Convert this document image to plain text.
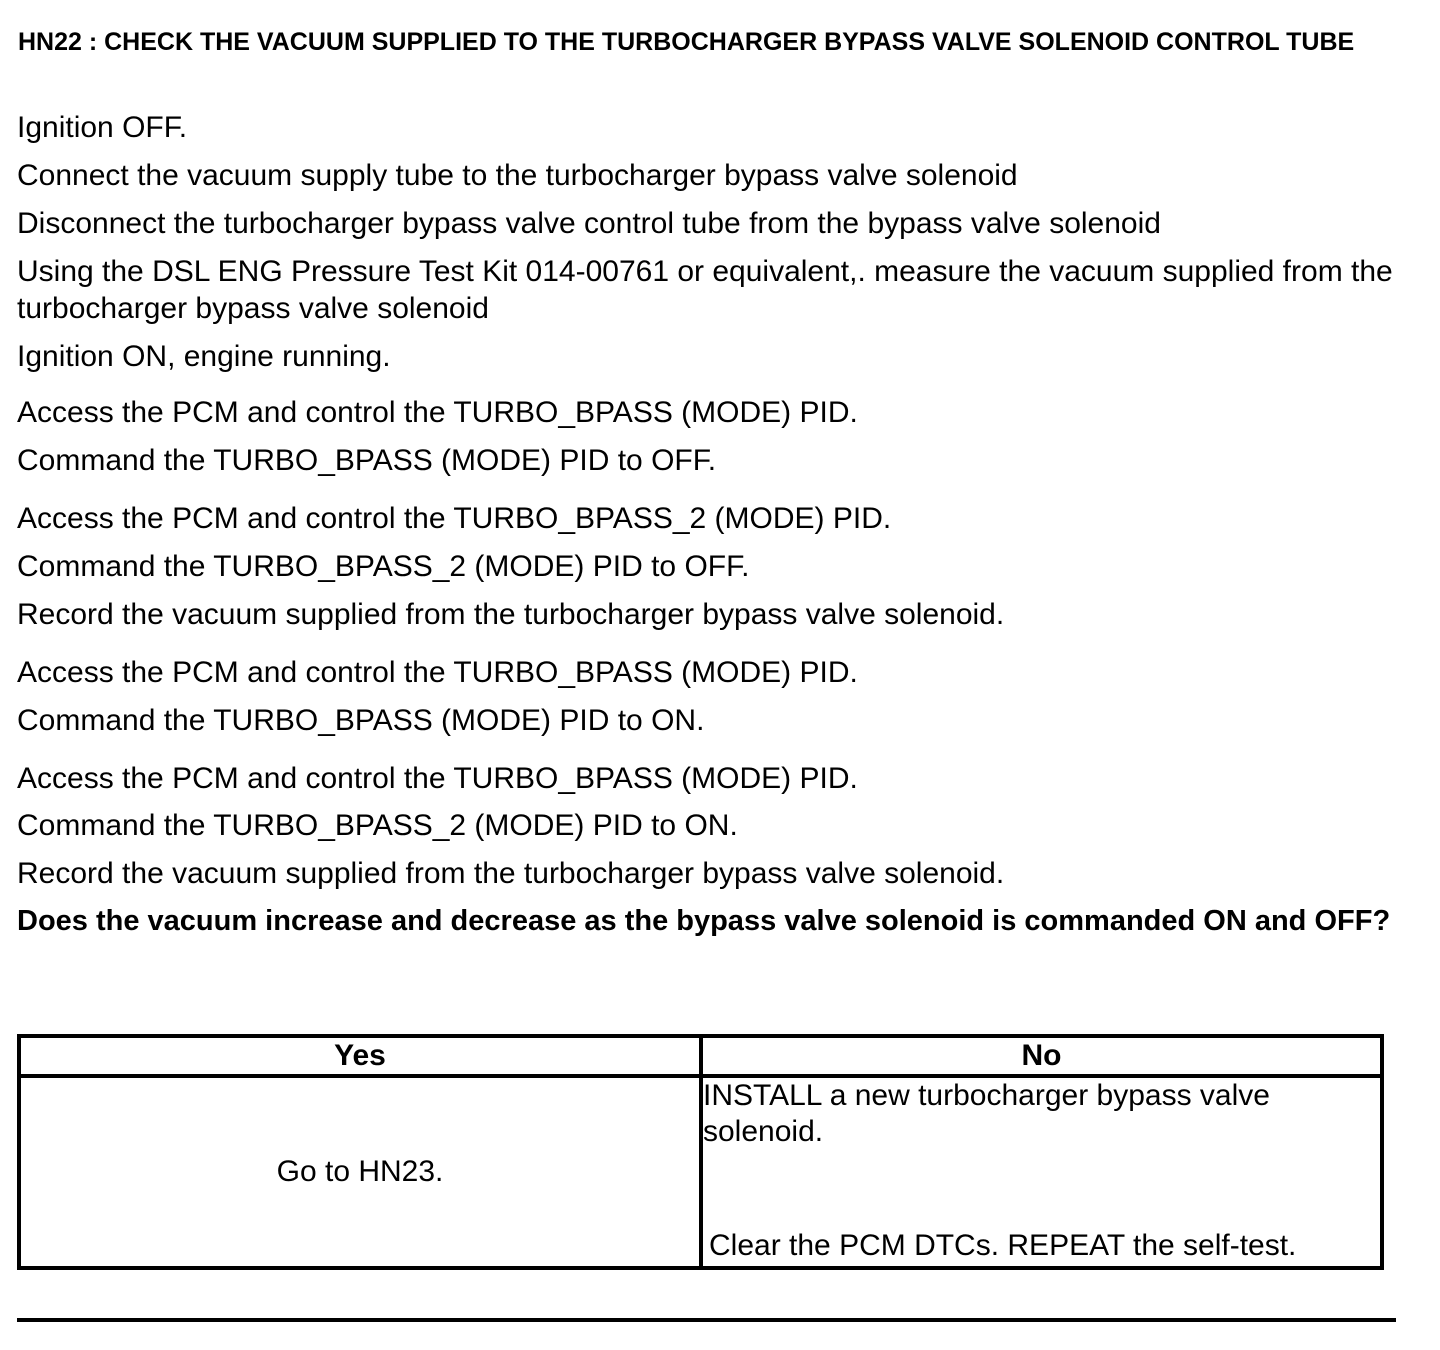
HN22 : CHECK THE VACUUM SUPPLIED TO THE TURBOCHARGER BYPASS VALVE SOLENOID CONTROL TUBE
Ignition OFF.
Connect the vacuum supply tube to the turbocharger bypass valve solenoid
Disconnect the turbocharger bypass valve control tube from the bypass valve solenoid
Using the DSL ENG Pressure Test Kit 014-00761 or equivalent,. measure the vacuum supplied from the turbocharger bypass valve solenoid
Ignition ON, engine running.
Access the PCM and control the TURBO_BPASS (MODE) PID.
Command the TURBO_BPASS (MODE) PID to OFF.
Access the PCM and control the TURBO_BPASS_2 (MODE) PID.
Command the TURBO_BPASS_2 (MODE) PID to OFF.
Record the vacuum supplied from the turbocharger bypass valve solenoid.
Access the PCM and control the TURBO_BPASS (MODE) PID.
Command the TURBO_BPASS (MODE) PID to ON.
Access the PCM and control the TURBO_BPASS (MODE) PID.
Command the TURBO_BPASS_2 (MODE) PID to ON.
Record the vacuum supplied from the turbocharger bypass valve solenoid.
Does the vacuum increase and decrease as the bypass valve solenoid is commanded ON and OFF?
Yes	No
Go to HN23.	INSTALL a new turbocharger bypass valve solenoid.
Clear the PCM DTCs. REPEAT the self-test.
